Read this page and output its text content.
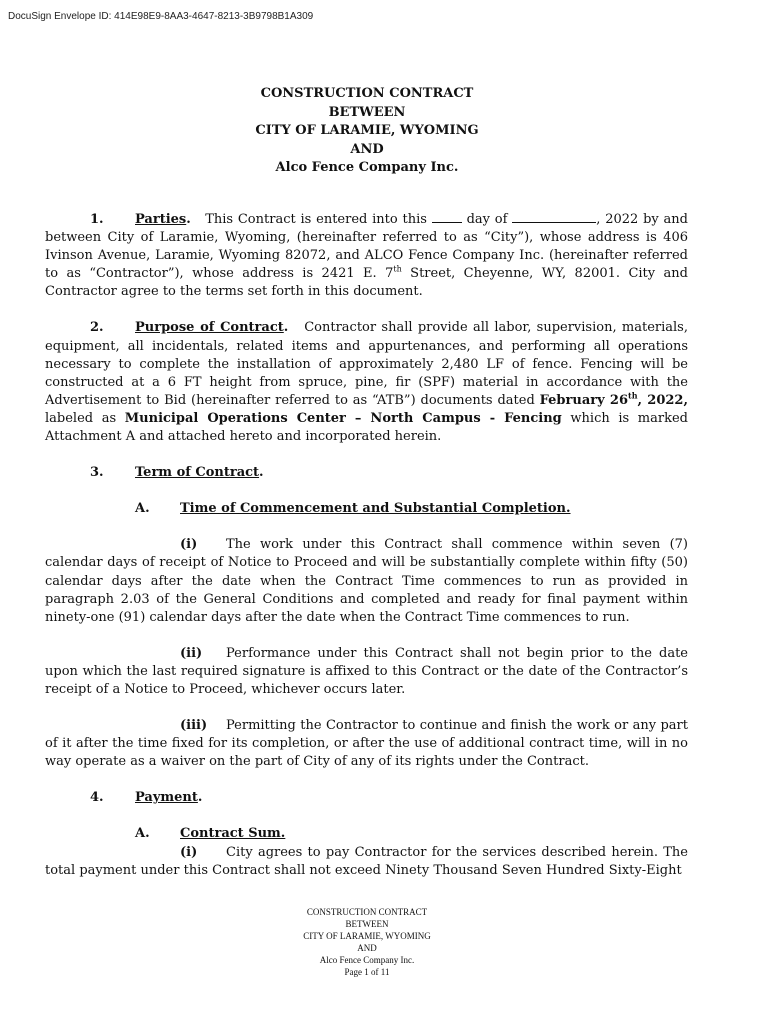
DocuSign Envelope ID: 414E98E9-8AA3-4647-8213-3B9798B1A309

CONSTRUCTION CONTRACT
BETWEEN
CITY OF LARAMIE, WYOMING
AND
Alco Fence Company Inc.

1. Parties. This Contract is entered into this	day of	, 2022 by and between City of Laramie, Wyoming, (hereinafter referred to as “City”), whose address is 406 Ivinson Avenue, Laramie, Wyoming 82072, and ALCO Fence Company Inc. (hereinafter referred to as “Contractor”), whose address is 2421 E. 7th Street, Cheyenne, WY, 82001. City and Contractor agree to the terms set forth in this document.

2. Purpose of Contract. Contractor shall provide all labor, supervision, materials, equipment, all incidentals, related items and appurtenances, and performing all operations necessary to complete the installation of approximately 2,480 LF of fence. Fencing will be constructed at a 6 FT height from spruce, pine, fir (SPF) material in accordance with the Advertisement to Bid (hereinafter referred to as “ATB”) documents dated February 26th, 2022, labeled as Municipal Operations Center – North Campus - Fencing which is marked Attachment A and attached hereto and incorporated herein.

3. Term of Contract.

A. Time of Commencement and Substantial Completion.

(i) The work under this Contract shall commence within seven (7) calendar days of receipt of Notice to Proceed and will be substantially complete within fifty (50) calendar days after the date when the Contract Time commences to run as provided in paragraph 2.03 of the General Conditions and completed and ready for final payment within ninety-one (91) calendar days after the date when the Contract Time commences to run.

(ii) Performance under this Contract shall not begin prior to the date upon which the last required signature is affixed to this Contract or the date of the Contractor’s receipt of a Notice to Proceed, whichever occurs later.

(iii) Permitting the Contractor to continue and finish the work or any part of it after the time fixed for its completion, or after the use of additional contract time, will in no way operate as a waiver on the part of City of any of its rights under the Contract.

4. Payment.

A. Contract Sum.

(i) City agrees to pay Contractor for the services described herein. The total payment under this Contract shall not exceed Ninety Thousand Seven Hundred Sixty-Eight

CONSTRUCTION CONTRACT
BETWEEN
CITY OF LARAMIE, WYOMING
AND
Alco Fence Company Inc.
Page 1 of 11
